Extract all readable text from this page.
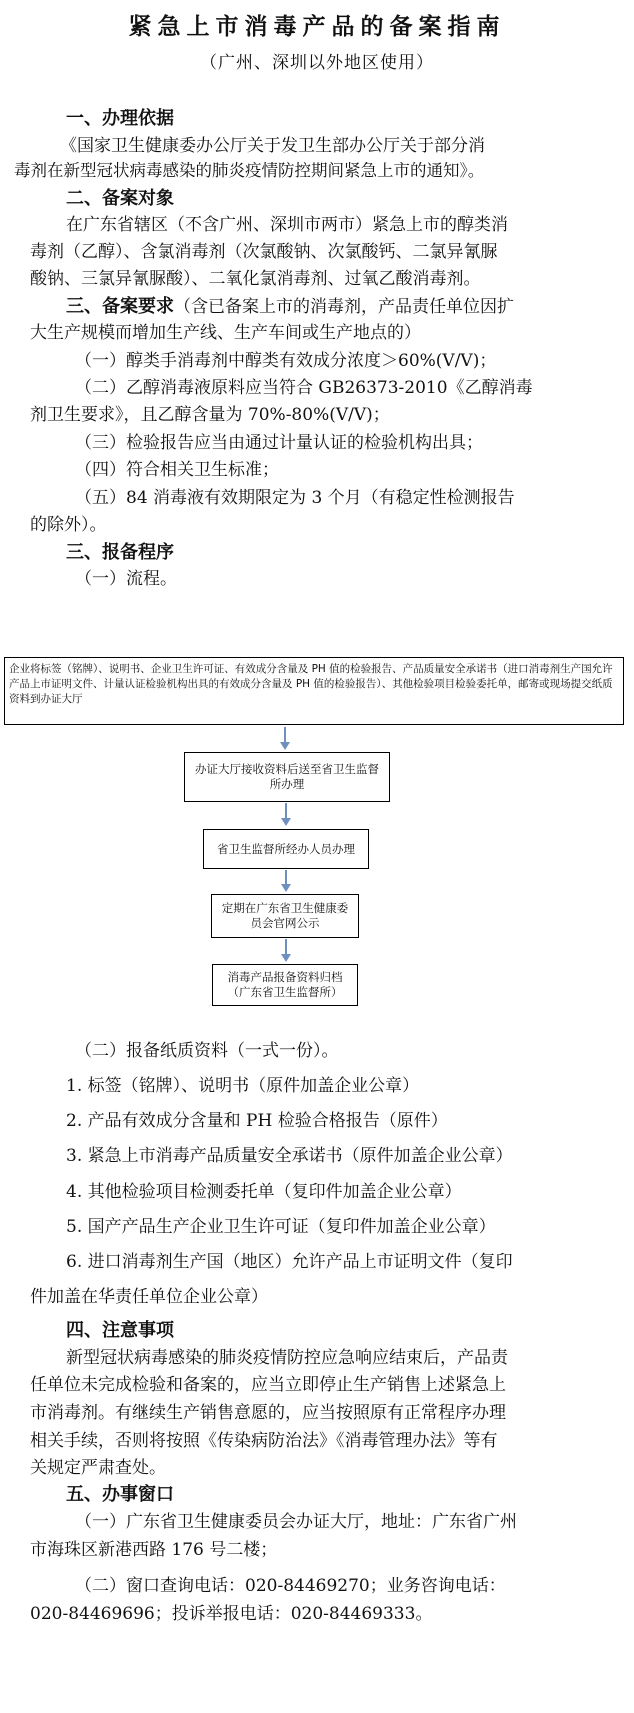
紧急上市消毒产品的备案指南
（广州、深圳以外地区使用）
一、办理依据
《国家卫生健康委办公厅关于发卫生部办公厅关于部分消
毒剂在新型冠状病毒感染的肺炎疫情防控期间紧急上市的通知》。
二、备案对象
在广东省辖区（不含广州、深圳市两市）紧急上市的醇类消
毒剂（乙醇）、含氯消毒剂（次氯酸钠、次氯酸钙、二氯异氰脲
酸钠、三氯异氰脲酸）、二氧化氯消毒剂、过氧乙酸消毒剂。
三、备案要求（含已备案上市的消毒剂，产品责任单位因扩
大生产规模而增加生产线、生产车间或生产地点的）
（一）醇类手消毒剂中醇类有效成分浓度＞60%(V/V)；
（二）乙醇消毒液原料应当符合 GB26373-2010《乙醇消毒
剂卫生要求》，且乙醇含量为 70%-80%(V/V)；
（三）检验报告应当由通过计量认证的检验机构出具；
（四）符合相关卫生标准；
（五）84 消毒液有效期限定为 3 个月（有稳定性检测报告
的除外）。
三、报备程序
（一）流程。
企业将标签（铭牌）、说明书、企业卫生许可证、有效成分含量及 PH 值的检验报告、产品质量安全承诺书（进口消毒剂生产国允许产品上市证明文件、计量认证检验机构出具的有效成分含量及 PH 值的检验报告）、其他检验项目检验委托单，邮寄或现场提交纸质资料到办证大厅
办证大厅接收资料后送至省卫生监督所办理
省卫生监督所经办人员办理
定期在广东省卫生健康委员会官网公示
消毒产品报备资料归档（广东省卫生监督所）
（二）报备纸质资料（一式一份）。
1. 标签（铭牌）、说明书（原件加盖企业公章）
2. 产品有效成分含量和 PH 检验合格报告（原件）
3. 紧急上市消毒产品质量安全承诺书（原件加盖企业公章）
4. 其他检验项目检测委托单（复印件加盖企业公章）
5. 国产产品生产企业卫生许可证（复印件加盖企业公章）
6. 进口消毒剂生产国（地区）允许产品上市证明文件（复印
件加盖在华责任单位企业公章）
四、注意事项
新型冠状病毒感染的肺炎疫情防控应急响应结束后，产品责
任单位未完成检验和备案的，应当立即停止生产销售上述紧急上
市消毒剂。有继续生产销售意愿的，应当按照原有正常程序办理
相关手续，否则将按照《传染病防治法》《消毒管理办法》等有
关规定严肃查处。
五、办事窗口
（一）广东省卫生健康委员会办证大厅，地址：广东省广州
市海珠区新港西路 176 号二楼；
（二）窗口查询电话：020-84469270；业务咨询电话：
020-84469696；投诉举报电话：020-84469333。
